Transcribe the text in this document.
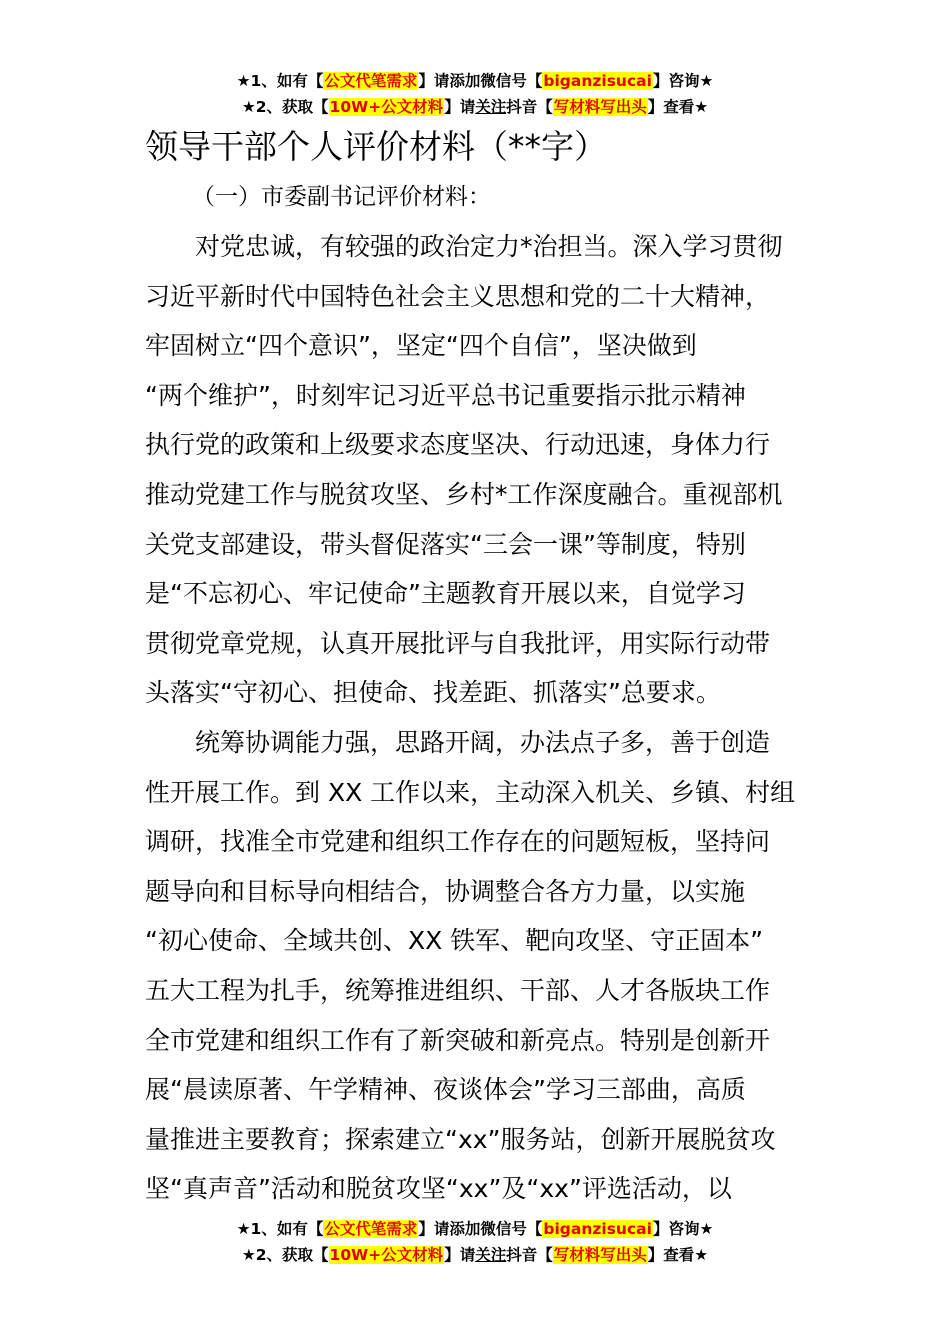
★1、如有【公文代笔需求】请添加微信号【biganzisucai】咨询★
★2、获取【10W+公文材料】请关注抖音【写材料写出头】查看★
领导干部个人评价材料（**字）
（一）市委副书记评价材料：

对党忠诚，有较强的政治定力*治担当。深入学习贯彻
习近平新时代中国特色社会主义思想和党的二十大精神，
牢固树立“四个意识”，坚定“四个自信”，坚决做到
“两个维护”，时刻牢记习近平总书记重要指示批示精神
执行党的政策和上级要求态度坚决、行动迅速，身体力行
推动党建工作与脱贫攻坚、乡村*工作深度融合。重视部机
关党支部建设，带头督促落实“三会一课”等制度，特别
是“不忘初心、牢记使命”主题教育开展以来，自觉学习
贯彻党章党规，认真开展批评与自我批评，用实际行动带
头落实“守初心、担使命、找差距、抓落实”总要求。

统筹协调能力强，思路开阔，办法点子多，善于创造
性开展工作。到 XX 工作以来，主动深入机关、乡镇、村组
调研，找准全市党建和组织工作存在的问题短板，坚持问
题导向和目标导向相结合，协调整合各方力量，以实施
“初心使命、全域共创、XX 铁军、靶向攻坚、守正固本”
五大工程为扎手，统筹推进组织、干部、人才各版块工作
全市党建和组织工作有了新突破和新亮点。特别是创新开
展“晨读原著、午学精神、夜谈体会”学习三部曲，高质
量推进主要教育；探索建立“xx”服务站，创新开展脱贫攻
坚“真声音”活动和脱贫攻坚“xx”及“xx”评选活动，以

★1、如有【公文代笔需求】请添加微信号【biganzisucai】咨询★
★2、获取【10W+公文材料】请关注抖音【写材料写出头】查看★
